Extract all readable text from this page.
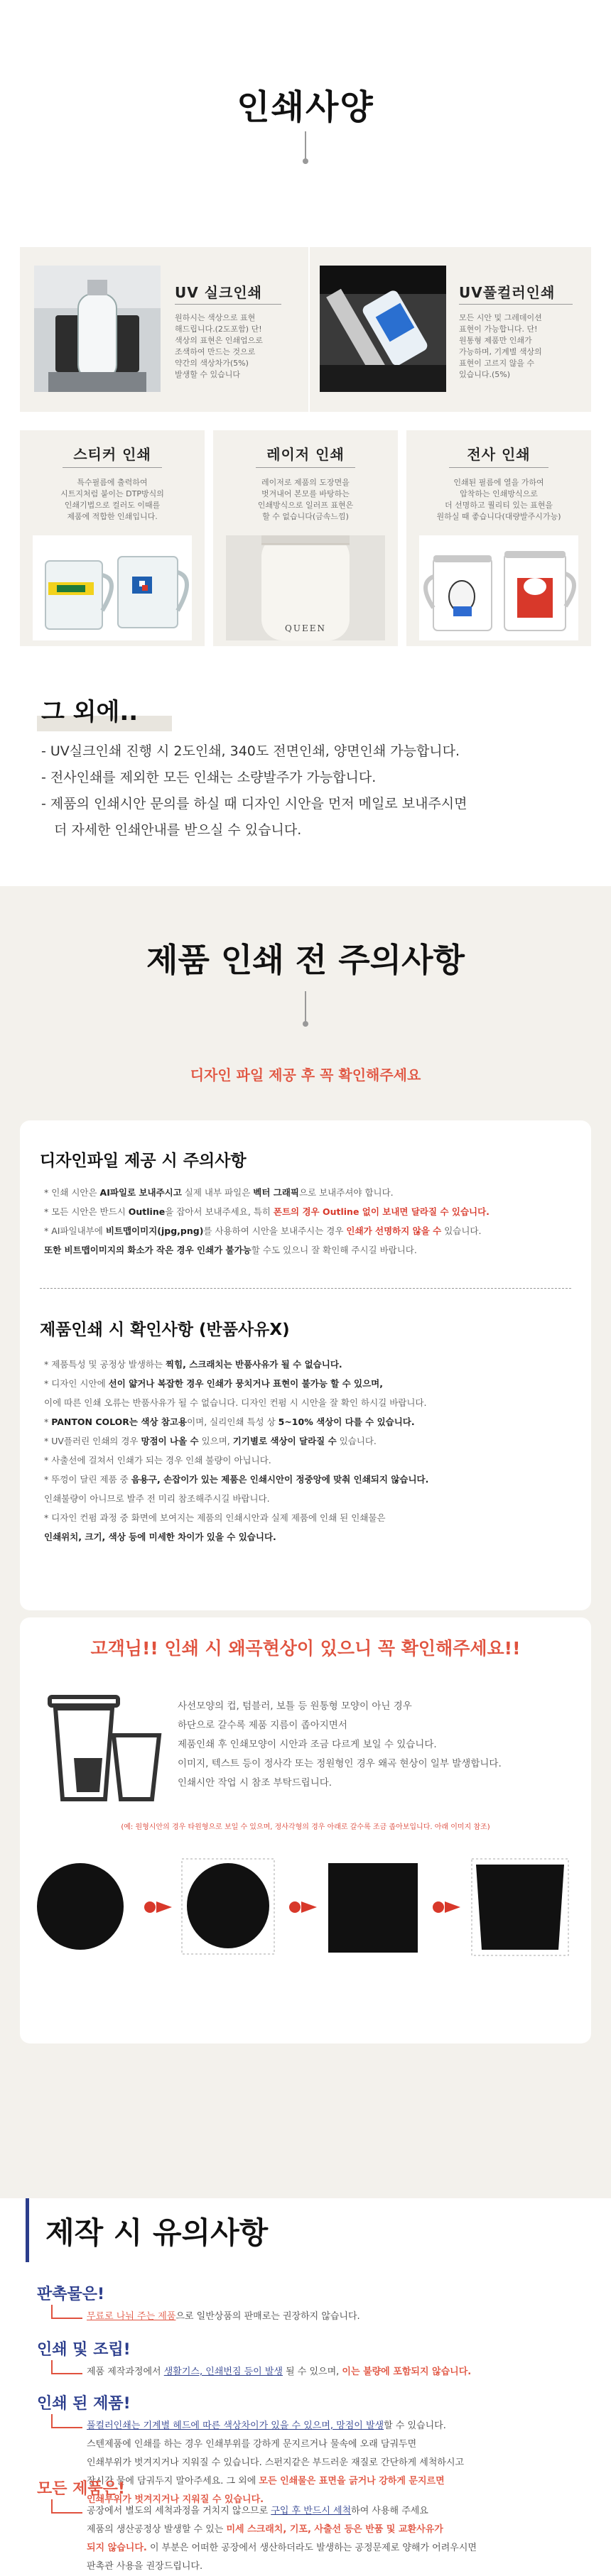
인쇄사양
UV 실크인쇄
원하시는 색상으로 표현
해드립니다.(2도포함) 단!
색상의 표현은 인쇄업으로
조색하여 만드는 것으로
약간의 색상차가(5%)
발생할 수 있습니다
UV풀컬러인쇄
모든 시안 및 그레데이션
표현이 가능합니다. 단!
원통형 제품만 인쇄가
가능하며, 기계별 색상의
표현이 고르지 않을 수
있습니다.(5%)
스티커 인쇄
특수필름에 출력하여
시트지처럼 붙이는 DTP방식의
인쇄기법으로 컬러도 이때를
제품에 적합한 인쇄입니다.
레이저 인쇄
레이저로 제품의 도장면을
벗겨내어 본모를 바탕하는
인쇄방식으로 일러프 표현은
할 수 없습니다(금속느낌)
QUEEN
전사 인쇄
인쇄된 필름에 열을 가하여
압착하는 인쇄방식으로
더 선명하고 퀄리티 있는 표현을
원하실 때 좋습니다(대량발주시가능)
그 외에..
- UV실크인쇄 진행 시 2도인쇄, 340도 전면인쇄, 양면인쇄 가능합니다.
- 전사인쇄를 제외한 모든 인쇄는 소량발주가 가능합니다.
- 제품의 인쇄시안 문의를 하실 때 디자인 시안을 먼저 메일로 보내주시면
더 자세한 인쇄안내를 받으실 수 있습니다.
제품 인쇄 전 주의사항
디자인 파일 제공 후 꼭 확인해주세요
디자인파일 제공 시 주의사항
* 인쇄 시안은 AI파일로 보내주시고 실제 내부 파일은 벡터 그래픽으로 보내주셔야 합니다.
* 모든 시안은 반드시 Outline을 잡아서 보내주세요, 특히 폰트의 경우 Outline 없이 보내면 달라질 수 있습니다.
* AI파일내부에 비트맵이미지(jpg,png)를 사용하여 시안을 보내주시는 경우 인쇄가 선명하지 않을 수 있습니다.
또한 비트맵이미지의 화소가 작은 경우 인쇄가 불가능할 수도 있으니 잘 확인해 주시길 바랍니다.
제품인쇄 시 확인사항 (반품사유X)
* 제품특성 및 공정상 발생하는 찍힘, 스크래치는 반품사유가 될 수 없습니다.
* 디자인 시안에 선이 얇거나 복잡한 경우 인쇄가 뭉치거나 표현이 불가능 할 수 있으며,
이에 따른 인쇄 오류는 반품사유가 될 수 없습니다. 디자인 컨펌 시 시안을 잘 확인 하시길 바랍니다.
* PANTON COLOR는 색상 참고용이며, 실리인쇄 특성 상 5~10% 색상이 다를 수 있습니다.
* UV플러린 인쇄의 경우 망점이 나올 수 있으며, 기기별로 색상이 달라질 수 있습니다.
* 사출선에 걸쳐서 인쇄가 되는 경우 인쇄 불량이 아닙니다.
* 뚜껑이 달린 제품 중 음용구, 손잡이가 있는 제품은 인쇄시안이 정중앙에 맞춰 인쇄되지 않습니다.
인쇄불량이 아니므로 발주 전 미리 참조해주시길 바랍니다.
* 디자인 컨펌 과정 중 화면에 보여지는 제품의 인쇄시안과 실제 제품에 인쇄 된 인쇄물은
인쇄위치, 크기, 색상 등에 미세한 차이가 있을 수 있습니다.
고객님!! 인쇄 시 왜곡현상이 있으니 꼭 확인해주세요!!
사선모양의 컵, 텀블러, 보틀 등 원통형 모양이 아닌 경우
하단으로 갈수록 제품 지름이 좁아지면서
제품인쇄 후 인쇄모양이 시안과 조금 다르게 보일 수 있습니다.
이미지, 텍스트 등이 정사각 또는 정원형인 경우 왜곡 현상이 일부 발생합니다.
인쇄시안 작업 시 참조 부탁드립니다.
(예: 원형시안의 경우 타원형으로 보일 수 있으며, 정사각형의 경우 아래로 갈수록 조금 좁아보입니다. 아래 이미지 참조)
제작 시 유의사항
판촉물은!
무료로 나눠 주는 제품으로 일반상품의 판매로는 권장하지 않습니다.
인쇄 및 조립!
제품 제작과정에서 생활기스, 인쇄번짐 등이 발생 될 수 있으며, 이는 불량에 포함되지 않습니다.
인쇄 된 제품!
풀컬러인쇄는 기계별 헤드에 따른 색상차이가 있을 수 있으며, 망점이 발생할 수 있습니다.
스텐제품에 인쇄를 하는 경우 인쇄부위를 강하게 문지르거나 물속에 오래 담궈두면
인쇄부위가 벗겨지거나 지워질 수 있습니다. 스펀지같은 부드러운 재질로 간단하게 세척하시고
장시간 물에 담궈두지 말아주세요. 그 외에 모든 인쇄물은 표면을 긁거나 강하게 문지르면
인쇄부위가 벗겨지거나 지워질 수 있습니다.
모든 제품은!
공장에서 별도의 세척과정을 거치지 않으므로 구입 후 반드시 세척하여 사용해 주세요
제품의 생산공정상 발생할 수 있는 미세 스크래치, 기포, 사출선 등은 반품 및 교환사유가
되지 않습니다. 이 부분은 어떠한 공장에서 생산하더라도 발생하는 공정문제로 양해가 어려우시면
판촉관 사용을 권장드립니다.
